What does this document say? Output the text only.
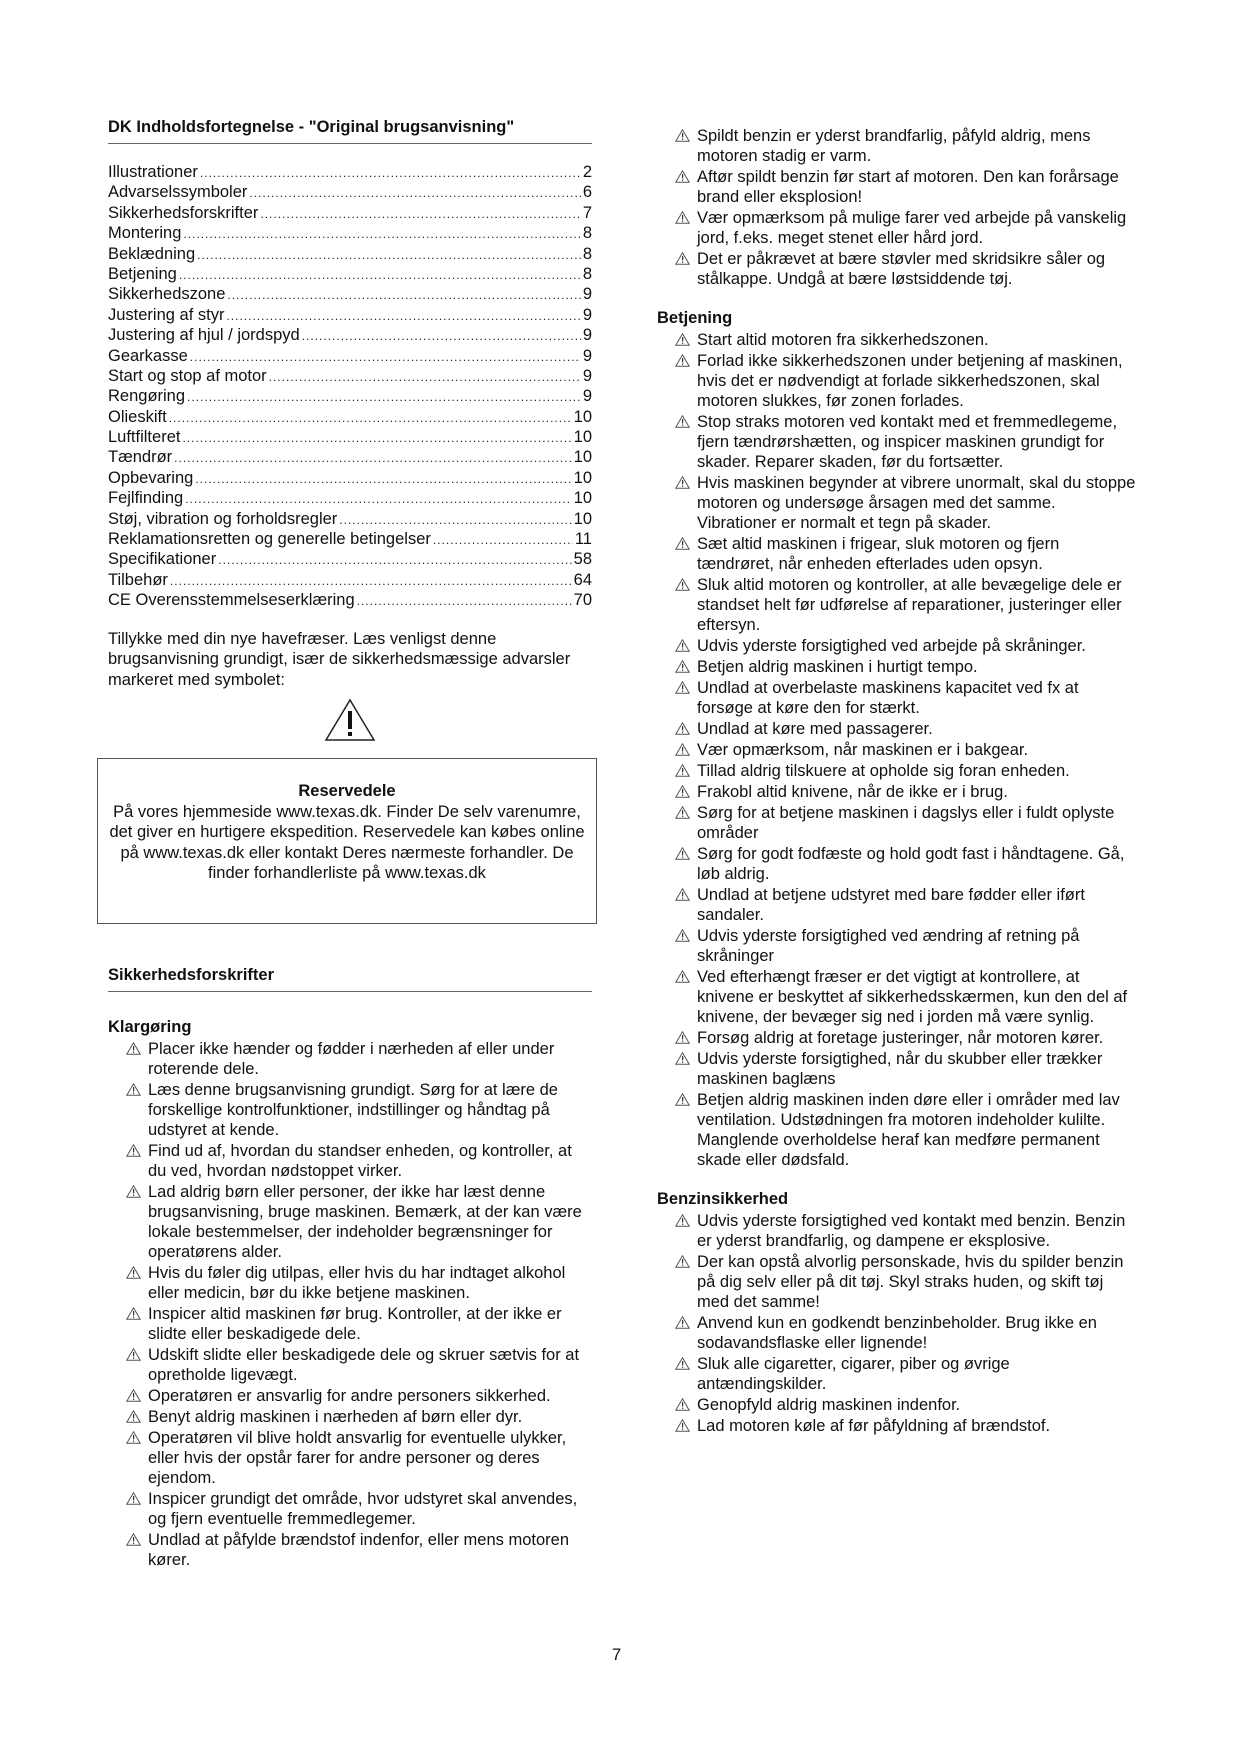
DK Indholdsfortegnelse - "Original brugsanvisning"
Illustrationer .....	2
Advarselssymboler .....	6
Sikkerhedsforskrifter .....	7
Montering .....	8
Beklædning .....	8
Betjening .....	8
Sikkerhedszone .....	9
Justering af styr .....	9
Justering af hjul / jordspyd .....	9
Gearkasse .....	9
Start og stop af motor .....	9
Rengøring .....	9
Olieskift .....	10
Luftfilteret .....	10
Tændrør .....	10
Opbevaring .....	10
Fejlfinding .....	10
Støj, vibration og forholdsregler .....	10
Reklamationsretten og generelle betingelser .....	11
Specifikationer .....	58
Tilbehør .....	64
CE Overensstemmelseserklæring .....	70
Tillykke med din nye havefræser. Læs venligst denne brugsanvisning grundigt, især de sikkerhedsmæssige advarsler markeret med symbolet:
Reservedele

På vores hjemmeside www.texas.dk. Finder De selv varenumre, det giver en hurtigere ekspedition. Reservedele kan købes online på www.texas.dk eller kontakt Deres nærmeste forhandler. De finder forhandlerliste på www.texas.dk

Sikkerhedsforskrifter
Klargøring
Placer ikke hænder og fødder i nærheden af eller under roterende dele.
Læs denne brugsanvisning grundigt. Sørg for at lære de forskellige kontrolfunktioner, indstillinger og håndtag på udstyret at kende.
Find ud af, hvordan du standser enheden, og kontroller, at du ved, hvordan nødstoppet virker.
Lad aldrig børn eller personer, der ikke har læst denne brugsanvisning, bruge maskinen. Bemærk, at der kan være lokale bestemmelser, der indeholder begrænsninger for operatørens alder.
Hvis du føler dig utilpas, eller hvis du har indtaget alkohol eller medicin, bør du ikke betjene maskinen.
Inspicer altid maskinen før brug. Kontroller, at der ikke er slidte eller beskadigede dele.
Udskift slidte eller beskadigede dele og skruer sætvis for at opretholde ligevægt.
Operatøren er ansvarlig for andre personers sikkerhed.
Benyt aldrig maskinen i nærheden af børn eller dyr.
Operatøren vil blive holdt ansvarlig for eventuelle ulykker, eller hvis der opstår farer for andre personer og deres ejendom.
Inspicer grundigt det område, hvor udstyret skal anvendes, og fjern eventuelle fremmedlegemer.
Undlad at påfylde brændstof indenfor, eller mens motoren kører.
Spildt benzin er yderst brandfarlig, påfyld aldrig, mens motoren stadig er varm.
Aftør spildt benzin før start af motoren. Den kan forårsage brand eller eksplosion!
Vær opmærksom på mulige farer ved arbejde på vanskelig jord, f.eks. meget stenet eller hård jord.
Det er påkrævet at bære støvler med skridsikre såler og stålkappe. Undgå at bære løstsiddende tøj.
Betjening
Start altid motoren fra sikkerhedszonen.
Forlad ikke sikkerhedszonen under betjening af maskinen, hvis det er nødvendigt at forlade sikkerhedszonen, skal motoren slukkes, før zonen forlades.
Stop straks motoren ved kontakt med et fremmedlegeme, fjern tændrørshætten, og inspicer maskinen grundigt for skader. Reparer skaden, før du fortsætter.
Hvis maskinen begynder at vibrere unormalt, skal du stoppe motoren og undersøge årsagen med det samme. Vibrationer er normalt et tegn på skader.
Sæt altid maskinen i frigear, sluk motoren og fjern tændrøret, når enheden efterlades uden opsyn.
Sluk altid motoren og kontroller, at alle bevægelige dele er standset helt før udførelse af reparationer, justeringer eller eftersyn.
Udvis yderste forsigtighed ved arbejde på skråninger.
Betjen aldrig maskinen i hurtigt tempo.
Undlad at overbelaste maskinens kapacitet ved fx at forsøge at køre den for stærkt.
Undlad at køre med passagerer.
Vær opmærksom, når maskinen er i bakgear.
Tillad aldrig tilskuere at opholde sig foran enheden.
Frakobl altid knivene, når de ikke er i brug.
Sørg for at betjene maskinen i dagslys eller i fuldt oplyste områder
Sørg for godt fodfæste og hold godt fast i håndtagene. Gå, løb aldrig.
Undlad at betjene udstyret med bare fødder eller iført sandaler.
Udvis yderste forsigtighed ved ændring af retning på skråninger
Ved efterhængt fræser er det vigtigt at kontrollere, at knivene er beskyttet af sikkerhedsskærmen, kun den del af knivene, der bevæger sig ned i jorden må være synlig.
Forsøg aldrig at foretage justeringer, når motoren kører.
Udvis yderste forsigtighed, når du skubber eller trækker maskinen baglæns
Betjen aldrig maskinen inden døre eller i områder med lav ventilation. Udstødningen fra motoren indeholder kulilte. Manglende overholdelse heraf kan medføre permanent skade eller dødsfald.
Benzinsikkerhed
Udvis yderste forsigtighed ved kontakt med benzin. Benzin er yderst brandfarlig, og dampene er eksplosive.
Der kan opstå alvorlig personskade, hvis du spilder benzin på dig selv eller på dit tøj. Skyl straks huden, og skift tøj med det samme!
Anvend kun en godkendt benzinbeholder. Brug ikke en sodavandsflaske eller lignende!
Sluk alle cigaretter, cigarer, piber og øvrige antændingskilder.
Genopfyld aldrig maskinen indenfor.
Lad motoren køle af før påfyldning af brændstof.
7
